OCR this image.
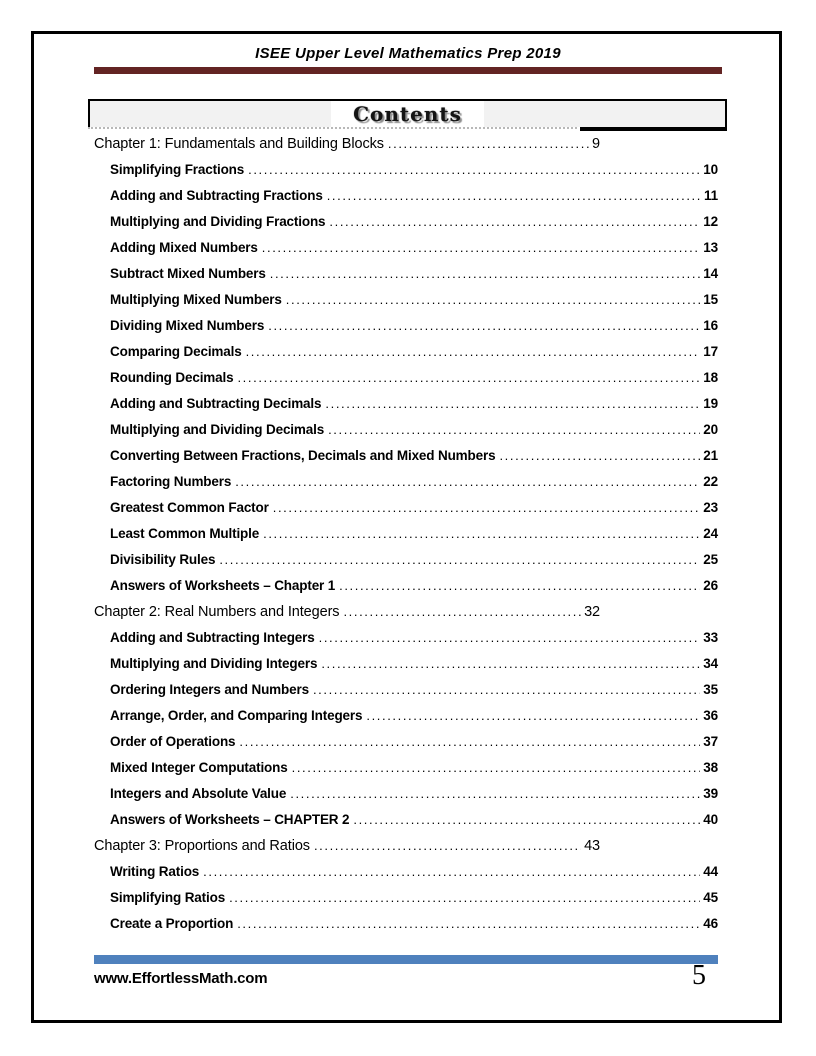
ISEE Upper Level Mathematics Prep 2019
Contents
Chapter 1: Fundamentals and Building Blocks .....	9
Simplifying Fractions .....	10
Adding and Subtracting Fractions .....	11
Multiplying and Dividing Fractions .....	12
Adding Mixed Numbers .....	13
Subtract Mixed Numbers .....	14
Multiplying Mixed Numbers .....	15
Dividing Mixed Numbers .....	16
Comparing Decimals .....	17
Rounding Decimals .....	18
Adding and Subtracting Decimals .....	19
Multiplying and Dividing Decimals .....	20
Converting Between Fractions, Decimals and Mixed Numbers .....	21
Factoring Numbers .....	22
Greatest Common Factor .....	23
Least Common Multiple .....	24
Divisibility Rules .....	25
Answers of Worksheets – Chapter 1 .....	26
Chapter 2: Real Numbers and Integers .....	32
Adding and Subtracting Integers .....	33
Multiplying and Dividing Integers .....	34
Ordering Integers and Numbers .....	35
Arrange, Order, and Comparing Integers .....	36
Order of Operations .....	37
Mixed Integer Computations .....	38
Integers and Absolute Value .....	39
Answers of Worksheets – CHAPTER 2 .....	40
Chapter 3: Proportions and Ratios .....	43
Writing Ratios .....	44
Simplifying Ratios .....	45
Create a Proportion .....	46
www.EffortlessMath.com	5
